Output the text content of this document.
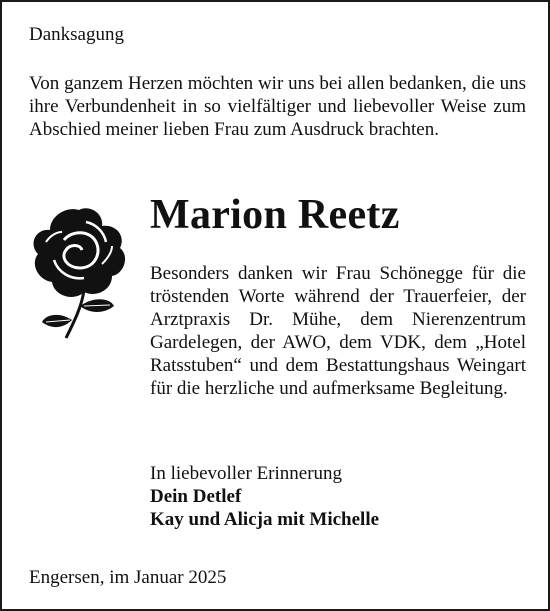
Danksagung
Von ganzem Herzen möchten wir uns bei allen bedanken, die uns ihre Verbundenheit in so vielfältiger und liebevoller Weise zum Abschied meiner lieben Frau zum Ausdruck brachten.
Marion Reetz
Besonders danken wir Frau Schönegge für die tröstenden Worte während der Trauerfeier, der Arztpraxis Dr. Mühe, dem Nierenzentrum Gardelegen, der AWO, dem VDK, dem „Hotel Ratsstuben“ und dem Bestattungshaus Weingart für die herzliche und aufmerksame Begleitung.
In liebevoller Erinnerung
Dein Detlef
Kay und Alicja mit Michelle
Engersen, im Januar 2025
